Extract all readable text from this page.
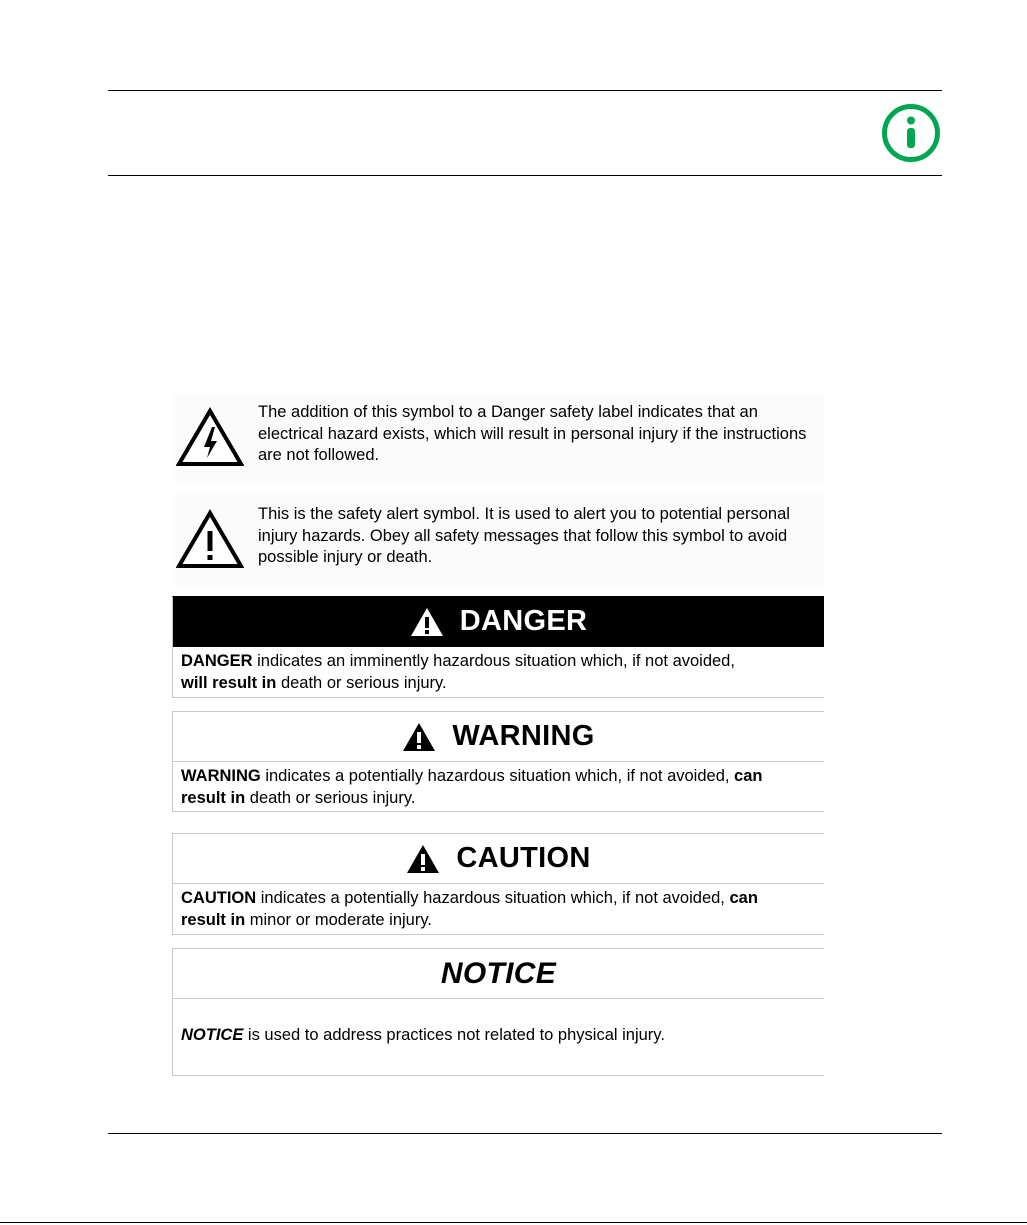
The addition of this symbol to a Danger safety label indicates that an electrical hazard exists, which will result in personal injury if the instructions are not followed.
This is the safety alert symbol. It is used to alert you to potential personal injury hazards. Obey all safety messages that follow this symbol to avoid possible injury or death.
DANGER
DANGER indicates an imminently hazardous situation which, if not avoided,
will result in death or serious injury.
WARNING
WARNING indicates a potentially hazardous situation which, if not avoided, can
result in death or serious injury.
CAUTION
CAUTION indicates a potentially hazardous situation which, if not avoided, can
result in minor or moderate injury.
NOTICE
NOTICE is used to address practices not related to physical injury.
